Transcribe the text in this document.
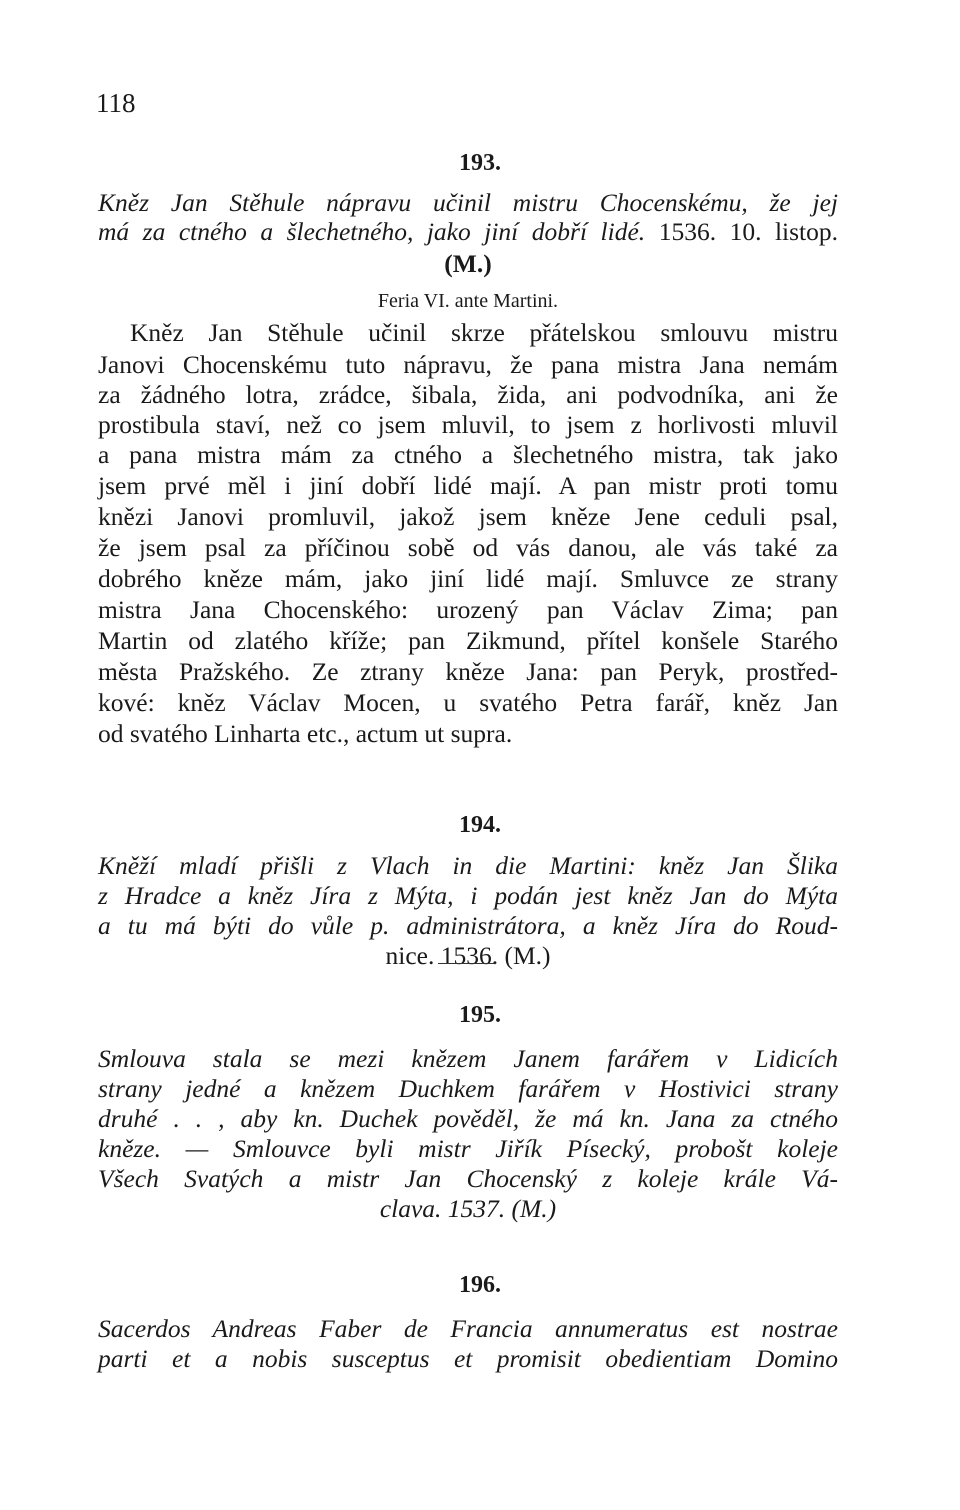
118
193.
Kněz Jan Stěhule nápravu učinil mistru Chocenskému, že jej
má za ctného a šlechetného, jako jiní dobří lidé. 1536. 10. listop.
(M.)
Feria VI. ante Martini.
Kněz Jan Stěhule učinil skrze přátelskou smlouvu mistru
Janovi Chocenskému tuto nápravu, že pana mistra Jana nemám
za žádného lotra, zrádce, šibala, žida, ani podvodníka, ani že
prostibula staví, než co jsem mluvil, to jsem z horlivosti mluvil
a pana mistra mám za ctného a šlechetného mistra, tak jako
jsem prvé měl i jiní dobří lidé mají. A pan mistr proti tomu
knězi Janovi promluvil, jakož jsem kněze Jene ceduli psal,
že jsem psal za příčinou sobě od vás danou, ale vás také za
dobrého kněze mám, jako jiní lidé mají. Smluvce ze strany
mistra Jana Chocenského: urozený pan Václav Zima; pan
Martin od zlatého kříže; pan Zikmund, přítel konšele Starého
města Pražského. Ze ztrany kněze Jana: pan Peryk, prostřed-
kové: kněz Václav Mocen, u svatého Petra farář, kněz Jan
od svatého Linharta etc., actum ut supra.
194.
Kněží mladí přišli z Vlach in die Martini: kněz Jan Šlika
z Hradce a kněz Jíra z Mýta, i podán jest kněz Jan do Mýta
a tu má býti do vůle p. administrátora, a kněz Jíra do Roud-
nice. 1536. (M.)
195.
Smlouva stala se mezi knězem Janem farářem v Lidicích
strany jedné a knězem Duchkem farářem v Hostivici strany
druhé . . , aby kn. Duchek pověděl, že má kn. Jana za ctného
kněze. — Smlouvce byli mistr Jiřík Písecký, probošt koleje
Všech Svatých a mistr Jan Chocenský z koleje krále Vá-
clava. 1537. (M.)
196.
Sacerdos Andreas Faber de Francia annumeratus est nostrae
parti et a nobis susceptus et promisit obedientiam Domino
